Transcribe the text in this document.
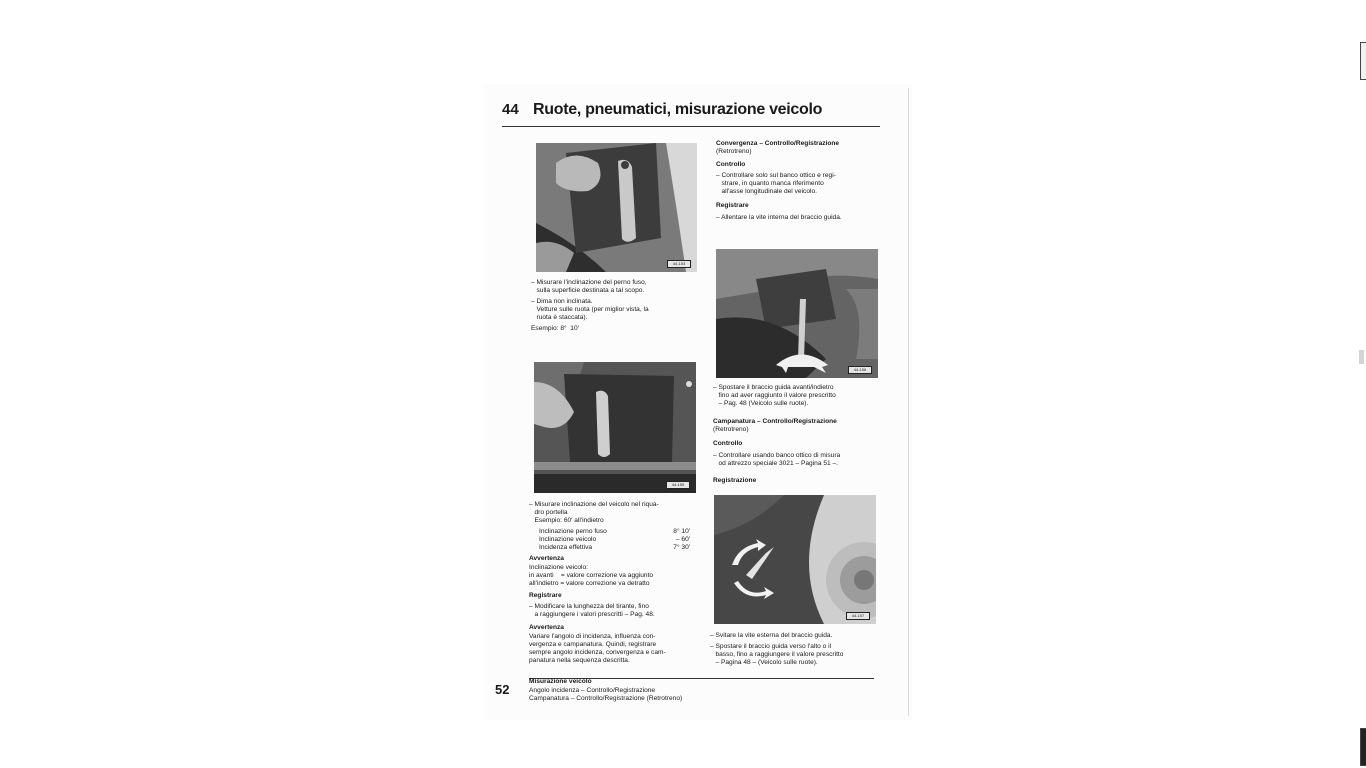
44 Ruote, pneumatici, misurazione veicolo
44-153
– Misurare l'inclinazione del perno fuso,
sulla superficie destinata a tal scopo.
– Dima non inclinata.
Vetture sulle ruota (per miglior vista, la
ruota è staccata).
Esempio: 8°  10′
44-155
– Misurare inclinazione del veicolo nel riqua-
dro portella
Esempio: 60′ all'indietro
Inclinazione perno fuso	8° 10′
Inclinazione veicolo	– 60′
Incidenza effettiva	7° 30′
Avvertenza
Inclinazione veicolo:
in avanti    = valore correzione va aggiunto
all'indietro = valore correzione va detratto
Registrare
– Modificare la lunghezza del tirante, fino
a raggiungere i valori prescritti – Pag. 48.
Avvertenza
Variare l'angolo di incidenza, influenza con-
vergenza e campanatura. Quindi, registrare
sempre angolo incidenza, convergenza e cam-
panatura nella sequenza descritta.
Convergenza – Controllo/Registrazione
(Retrotreno)
Controllo
– Controllare solo sul banco ottico e regi-
strare, in quanto manca riferimento
all'asse longitudinale del veicolo.
Registrare
– Allentare la vite interna del braccio guida.
44-156
– Spostare il braccio guida avanti/indietro
fino ad aver raggiunto il valore prescritto
– Pag. 48 (Veicolo sulle ruote).
Campanatura – Controllo/Registrazione
(Retrotreno)
Controllo
– Controllare usando banco ottico di misura
od attrezzo speciale 3021 – Pagina 51 –.
Registrazione
44-157
– Svitare la vite esterna del braccio guida.
– Spostare il braccio guida verso l'alto o il
basso, fino a raggiungere il valore prescritto
– Pagina 48 – (Veicolo sulle ruote).
52
Misurazione veicolo
Angolo incidenza – Controllo/Registrazione
Campanatura – Controllo/Registrazione (Retrotreno)
